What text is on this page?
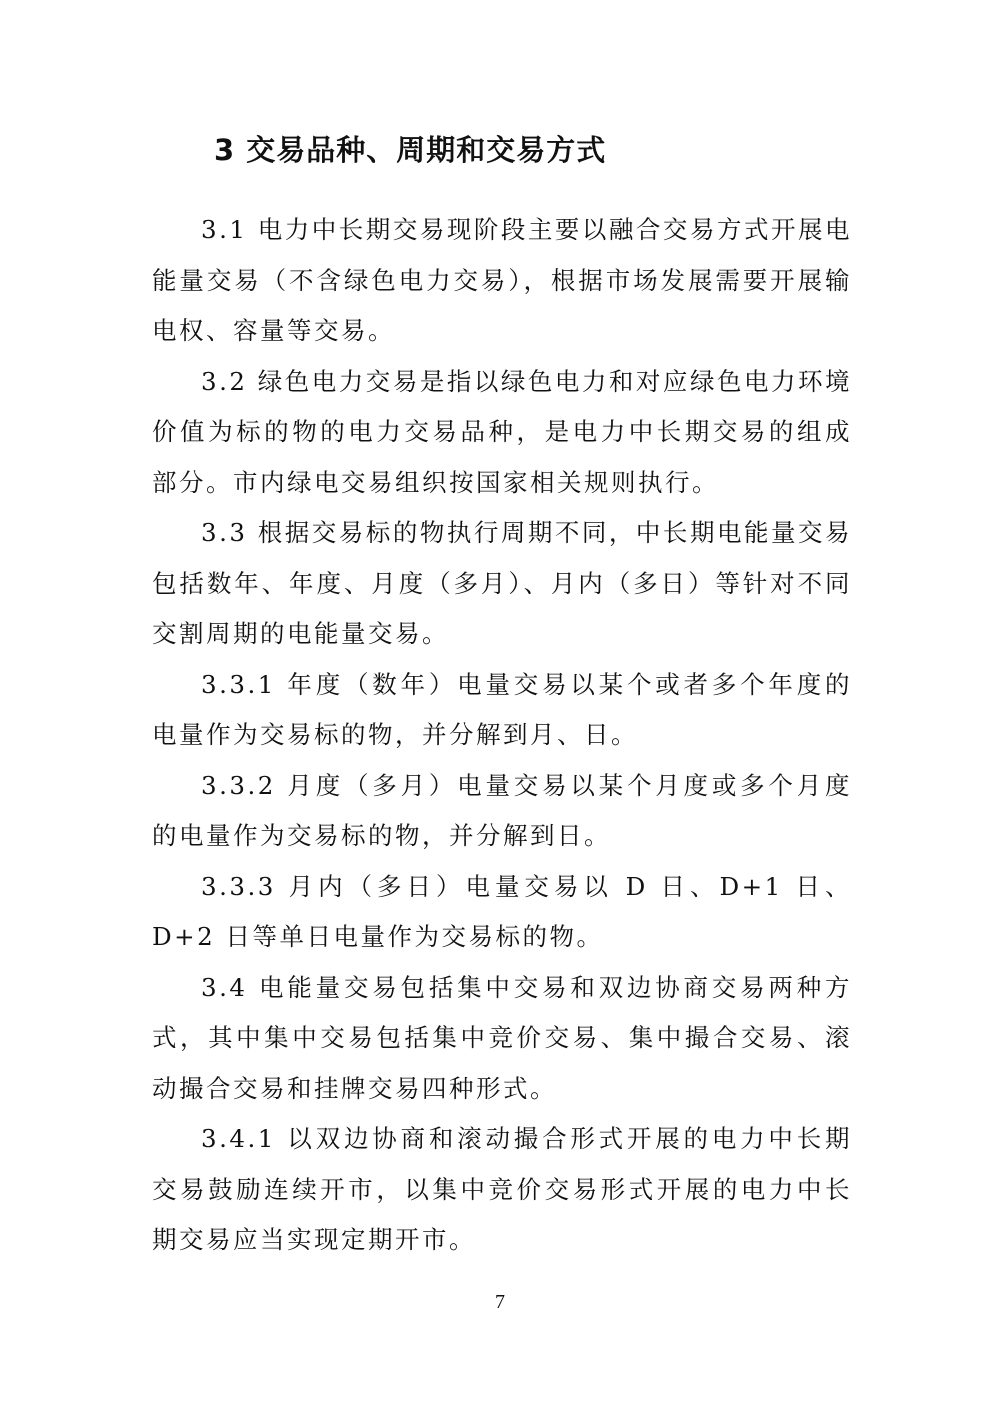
3 交易品种、周期和交易方式

3.1 电力中长期交易现阶段主要以融合交易方式开展电能量交易（不含绿色电力交易），根据市场发展需要开展输电权、容量等交易。

3.2 绿色电力交易是指以绿色电力和对应绿色电力环境价值为标的物的电力交易品种，是电力中长期交易的组成部分。市内绿电交易组织按国家相关规则执行。

3.3 根据交易标的物执行周期不同，中长期电能量交易包括数年、年度、月度（多月）、月内（多日）等针对不同交割周期的电能量交易。

3.3.1 年度（数年）电量交易以某个或者多个年度的电量作为交易标的物，并分解到月、日。

3.3.2 月度（多月）电量交易以某个月度或多个月度的电量作为交易标的物，并分解到日。

3.3.3 月内（多日）电量交易以 D 日、D+1 日、D+2 日等单日电量作为交易标的物。

3.4 电能量交易包括集中交易和双边协商交易两种方式，其中集中交易包括集中竞价交易、集中撮合交易、滚动撮合交易和挂牌交易四种形式。

3.4.1 以双边协商和滚动撮合形式开展的电力中长期交易鼓励连续开市，以集中竞价交易形式开展的电力中长期交易应当实现定期开市。

7
